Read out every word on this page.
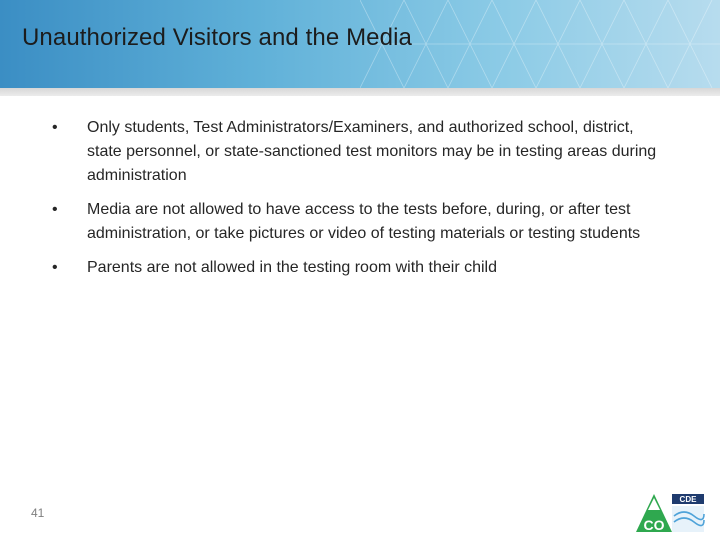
Unauthorized Visitors and the Media
•	Only students, Test Administrators/Examiners, and authorized school, district, state personnel, or state-sanctioned test monitors may be in testing areas during administration
•	Media are not allowed to have access to the tests before, during, or after test administration, or take pictures or video of testing materials or testing students
•	Parents are not allowed in the testing room with their child
41
CDE
CO
